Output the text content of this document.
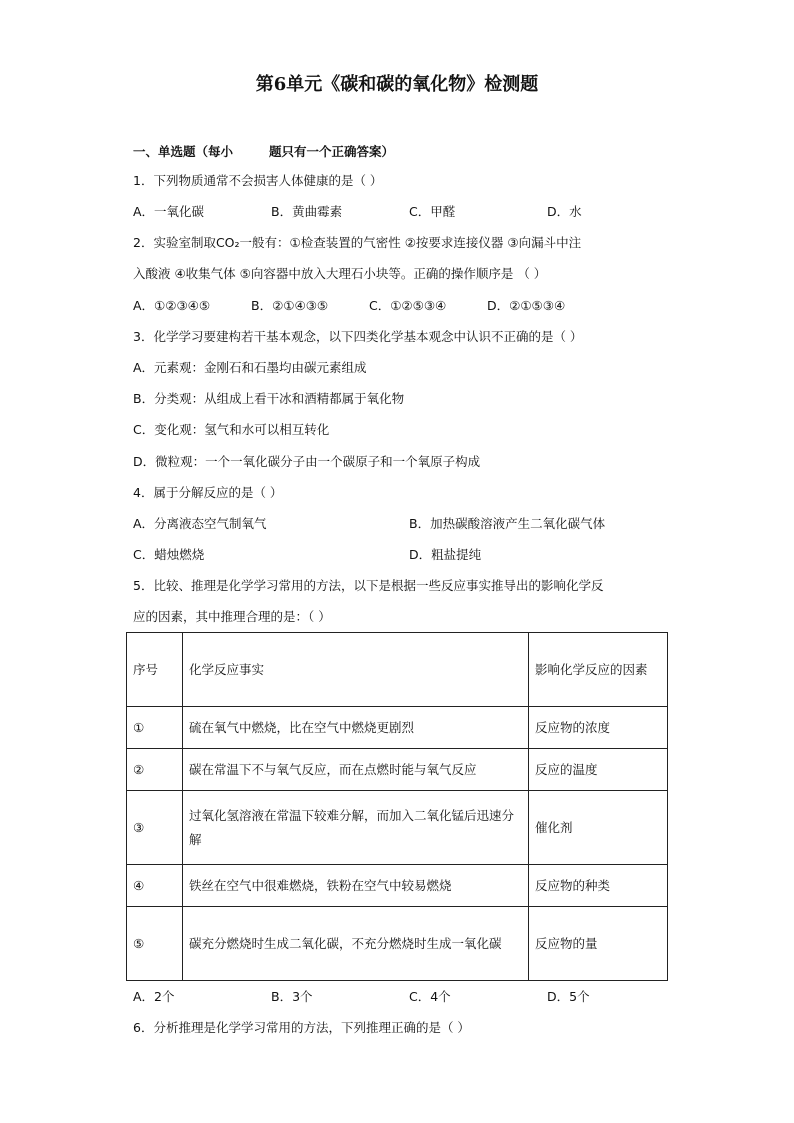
第6单元《碳和碳的氧化物》检测题
一、单选题（每小	题只有一个正确答案）
1．下列物质通常不会损害人体健康的是（ ）
A．一氧化碳	B．黄曲霉素	C．甲醛	D．水
2．实验室制取CO₂一般有：①检查装置的气密性 ②按要求连接仪器 ③向漏斗中注
入酸液 ④收集气体 ⑤向容器中放入大理石小块等。正确的操作顺序是 （ ）
A．①②③④⑤	B．②①④③⑤	C．①②⑤③④	D．②①⑤③④
3．化学学习要建构若干基本观念，以下四类化学基本观念中认识不正确的是（ ）
A．元素观：金刚石和石墨均由碳元素组成
B．分类观：从组成上看干冰和酒精都属于氧化物
C．变化观：氢气和水可以相互转化
D．微粒观：一个一氧化碳分子由一个碳原子和一个氧原子构成
4．属于分解反应的是（ ）
A．分离液态空气制氧气	B．加热碳酸溶液产生二氧化碳气体
C．蜡烛燃烧	D．粗盐提纯
5．比较、推理是化学学习常用的方法，以下是根据一些反应事实推导出的影响化学反
应的因素，其中推理合理的是：（ ）
序号	化学反应事实	影响化学反应的因素
①	硫在氧气中燃烧，比在空气中燃烧更剧烈	反应物的浓度
②	碳在常温下不与氧气反应，而在点燃时能与氧气反应	反应的温度
③	过氧化氢溶液在常温下较难分解，而加入二氧化锰后迅速分解	催化剂
④	铁丝在空气中很难燃烧，铁粉在空气中较易燃烧	反应物的种类
⑤	碳充分燃烧时生成二氧化碳，不充分燃烧时生成一氧化碳	反应物的量
A．2个	B．3个	C．4个	D．5个
6．分析推理是化学学习常用的方法，下列推理正确的是（ ）
